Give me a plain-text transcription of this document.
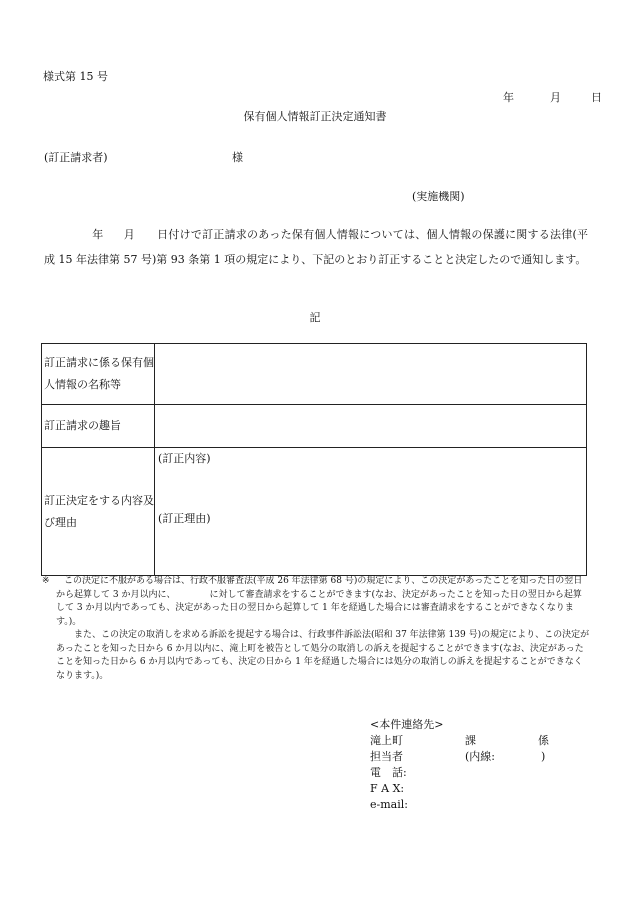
様式第 15 号
年	月	日
保有個人情報訂正決定通知書
(訂正請求者)	様
(実施機関)
年 月 日付けで訂正請求のあった保有個人情報については、個人情報の保護に関する法律(平成 15 年法律第 57 号)第 93 条第 1 項の規定により、下記のとおり訂正することと決定したので通知します。
記
訂正請求に係る保有個人情報の名称等	
訂正請求の趣旨	
訂正決定をする内容及び理由	(訂正内容)
(訂正理由)
※	この決定に不服がある場合は、行政不服審査法(平成 26 年法律第 68 号)の規定により、この決定があったことを知った日の翌日から起算して 3 か月以内に、	に対して審査請求をすることができます(なお、決定があったことを知った日の翌日から起算して 3 か月以内であっても、決定があった日の翌日から起算して 1 年を経過した場合には審査請求をすることができなくなります。)。

また、この決定の取消しを求める訴訟を提起する場合は、行政事件訴訟法(昭和 37 年法律第 139 号)の規定により、この決定があったことを知った日から 6 か月以内に、滝上町を被告として処分の取消しの訴えを提起することができます(なお、決定があったことを知った日から 6 か月以内であっても、決定の日から 1 年を経過した場合には処分の取消しの訴えを提起することができなくなります。)。

<本件連絡先>
滝上町	課	係
担当者	(内線:	)
電　話:
F A X:
e-mail:
